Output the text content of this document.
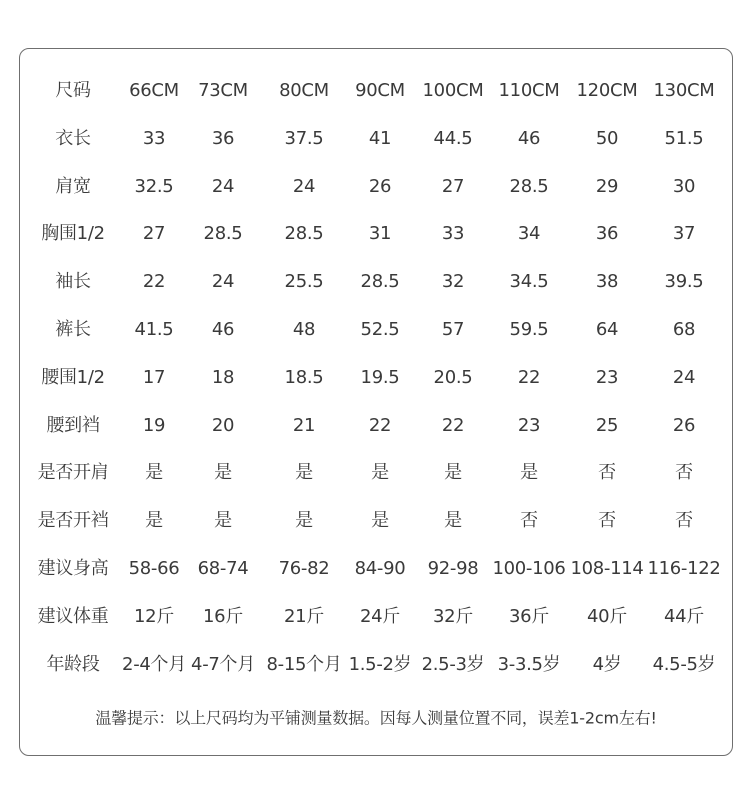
尺码 66CM 73CM 80CM 90CM 100CM 110CM 120CM 130CM
衣长	33	36	37.5	41 44.5	46	50	51.5
肩宽 32.5 24	24	26	27	28.5	29	30
胸围1/2 27 28.5 28.5	31	33	34	36	37
袖长	22	24	25.5 28.5 32	34.5	38	39.5
裤长 41.5 46	48	52.5 57	59.5	64	68
腰围1/2 17	18	18.5 19.5 20.5	22	23	24
腰到裆 19	20	21	22	22	23	25	26
是否开肩 是	是	是	是	是	是	否	否
是否开裆 是	是	是	是	是	否	否	否
建议身高 58-66 68-74 76-82 84-90 92-98 100-106 108-114 116-122
建议体重 12斤 16斤 21斤 24斤 32斤 36斤 40斤 44斤
年龄段 2-4个月 4-7个月 8-15个月 1.5-2岁 2.5-3岁 3-3.5岁 4岁 4.5-5岁
温馨提示：以上尺码均为平铺测量数据。因每人测量位置不同，误差1-2cm左右!
